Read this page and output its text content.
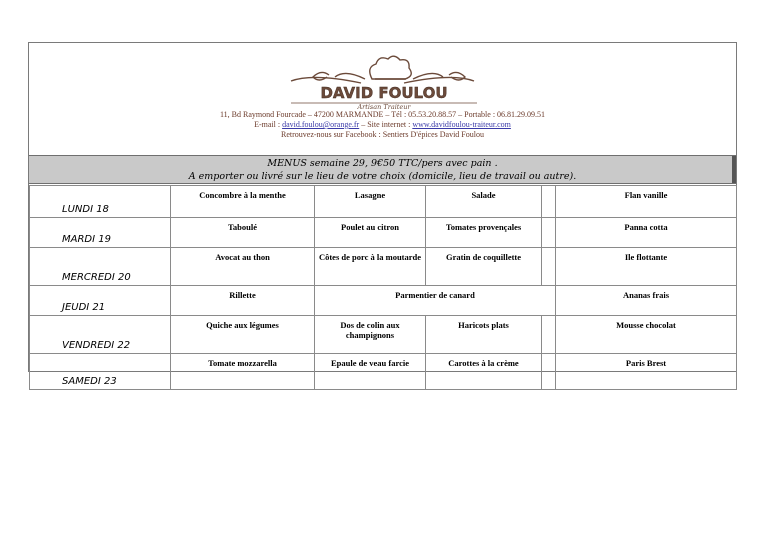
DAVID FOULOU
Artisan Traiteur
11, Bd Raymond Fourcade – 47200 MARMANDE – Tél : 05.53.20.88.57 – Portable : 06.81.29.09.51
E-mail : david.foulou@orange.fr – Site internet : www.davidfoulou-traiteur.com
Retrouvez-nous sur Facebook : Sentiers D'épices David Foulou
MENUS semaine 29, 9€50 TTC/pers avec pain .
A emporter ou livré sur le lieu de votre choix (domicile, lieu de travail ou autre).
LUNDI 18	Concombre à la menthe	Lasagne	Salade		Flan vanille
MARDI 19	Taboulé	Poulet au citron	Tomates provençales		Panna cotta
MERCREDI 20	Avocat au thon	Côtes de porc à la moutarde	Gratin de coquillette		Ile flottante
JEUDI 21	Rillette	Parmentier de canard			Ananas frais
VENDREDI 22	Quiche aux légumes	Dos de colin aux champignons	Haricots plats		Mousse chocolat
SAMEDI 23	Tomate mozzarella	Epaule de veau farcie	Carottes à la crème		Paris Brest
